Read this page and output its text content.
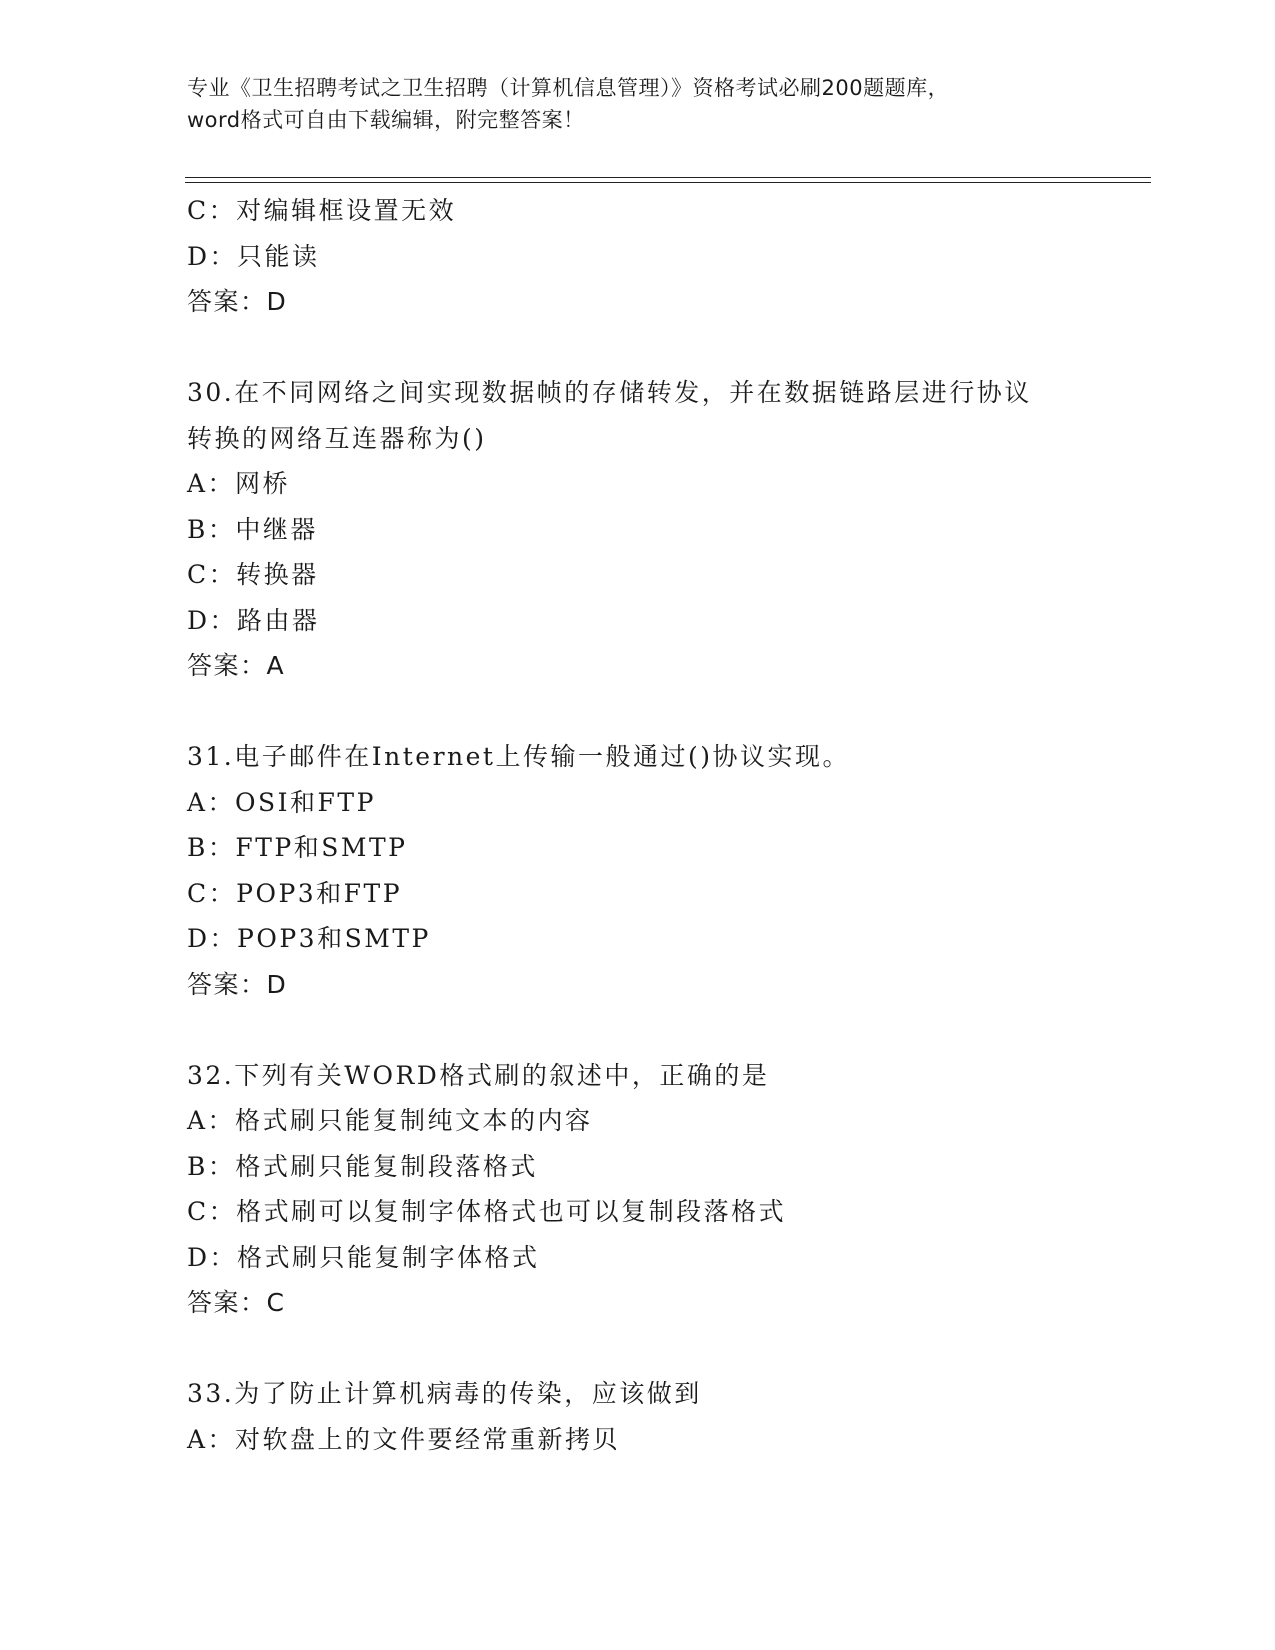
专业《卫生招聘考试之卫生招聘（计算机信息管理）》资格考试必刷200题题库，
word格式可自由下载编辑，附完整答案！
C：对编辑框设置无效
D：只能读
答案：D
30.在不同网络之间实现数据帧的存储转发，并在数据链路层进行协议
转换的网络互连器称为()
A：网桥
B：中继器
C：转换器
D：路由器
答案：A
31.电子邮件在Internet上传输一般通过()协议实现。
A：OSI和FTP
B：FTP和SMTP
C：POP3和FTP
D：POP3和SMTP
答案：D
32.下列有关WORD格式刷的叙述中，正确的是
A：格式刷只能复制纯文本的内容
B：格式刷只能复制段落格式
C：格式刷可以复制字体格式也可以复制段落格式
D：格式刷只能复制字体格式
答案：C
33.为了防止计算机病毒的传染，应该做到
A：对软盘上的文件要经常重新拷贝
